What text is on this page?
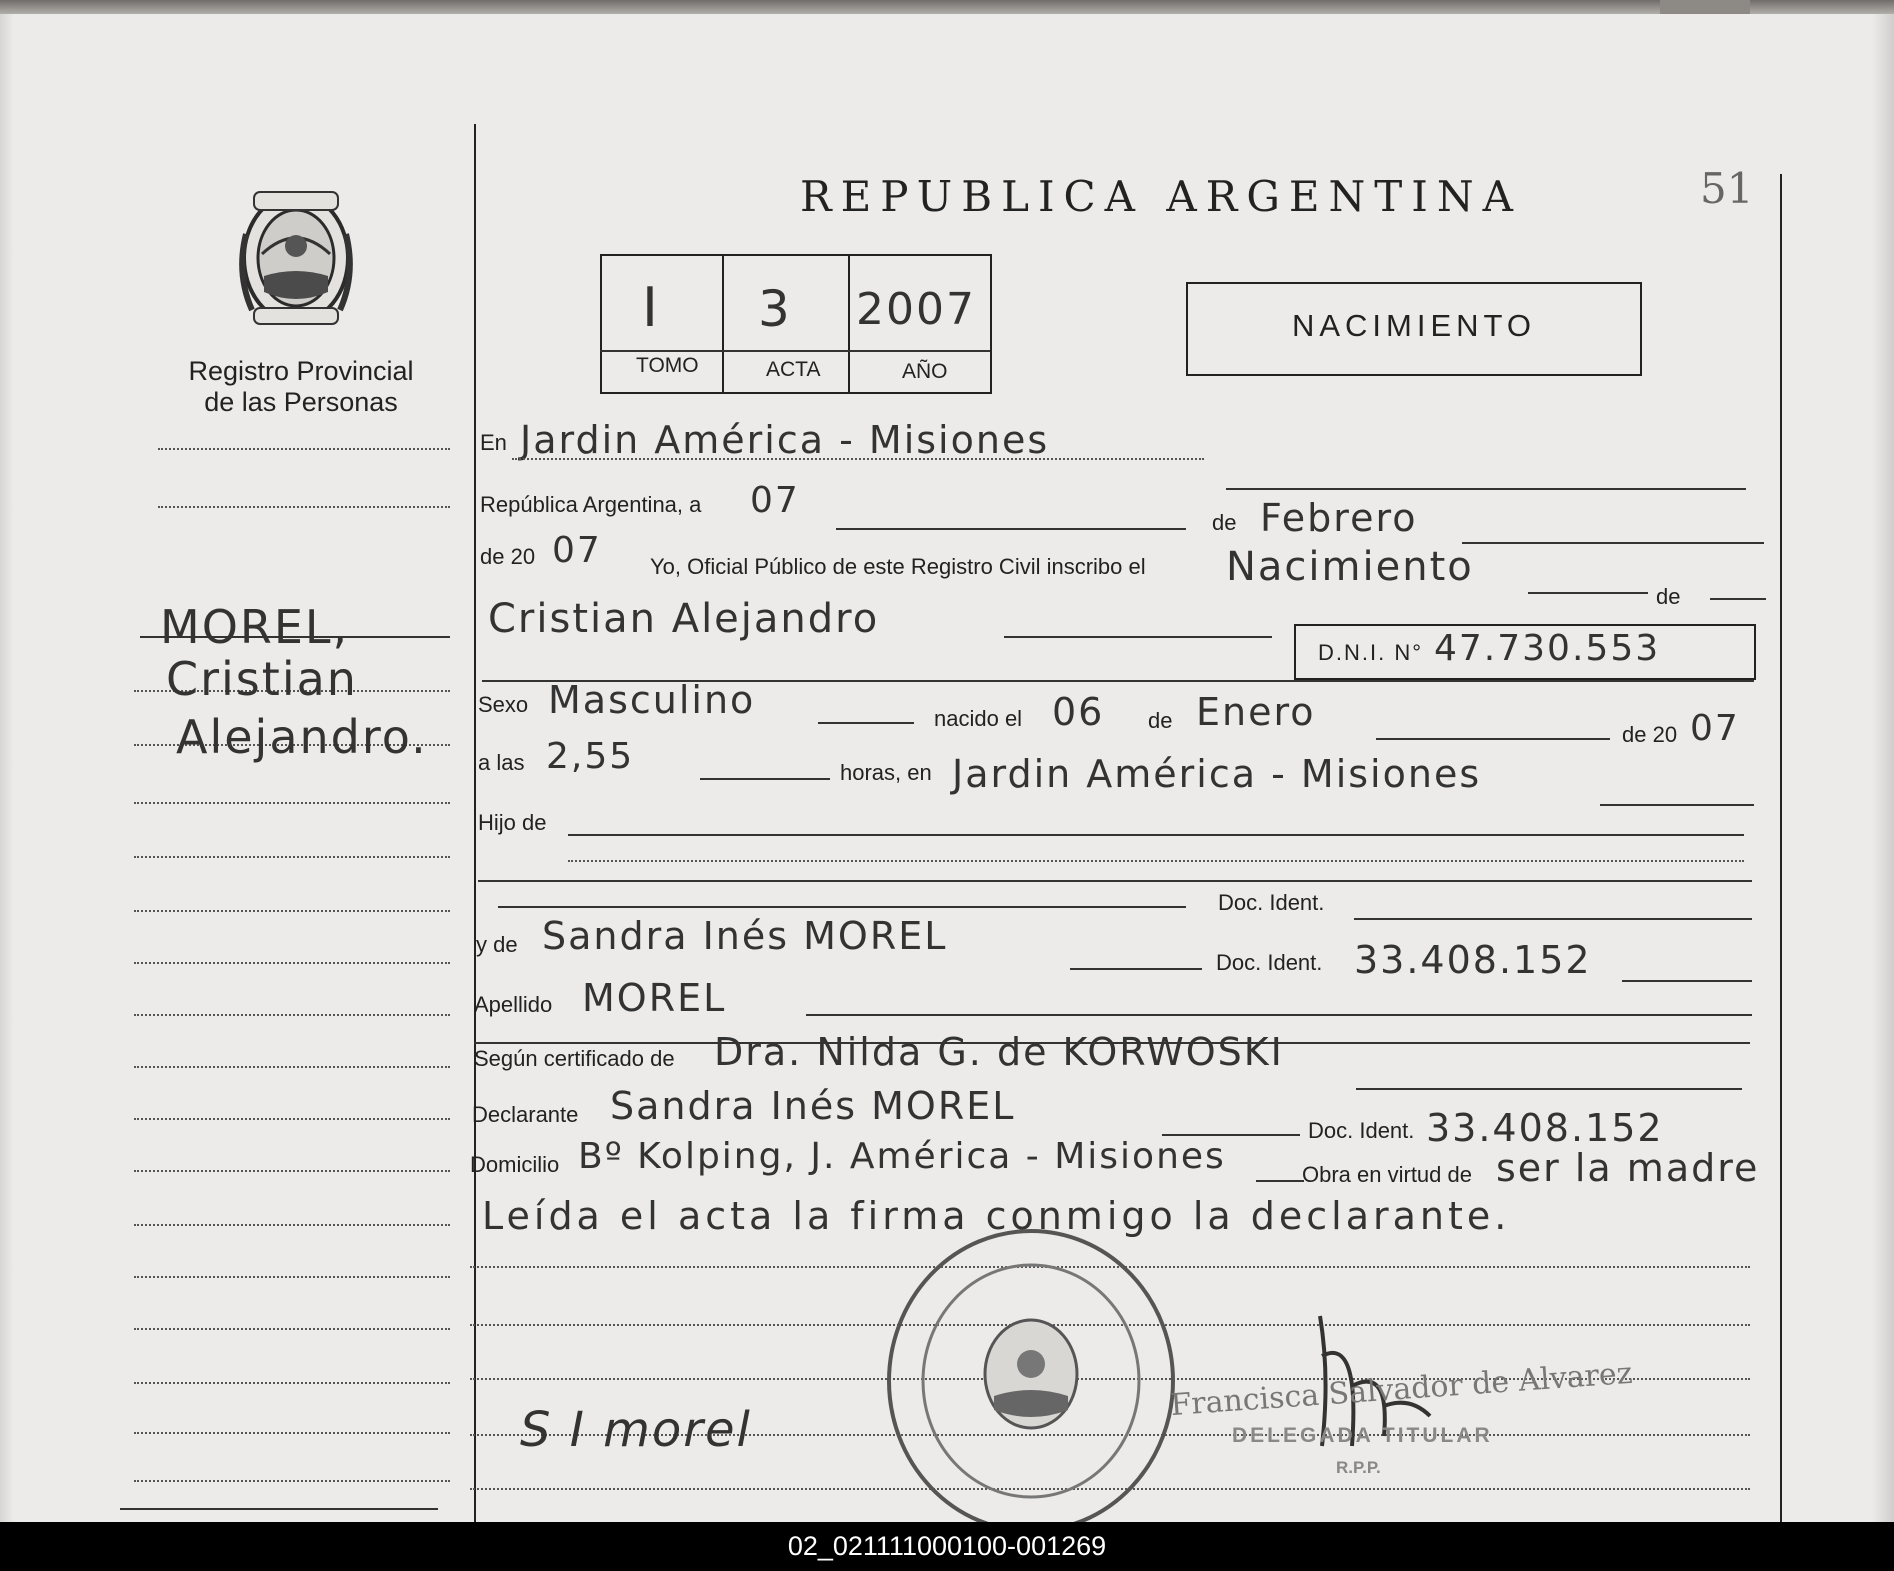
Registro Provincial
de las Personas
MOREL,
Cristian
Alejandro.
51
REPUBLICA ARGENTINA
I 3 2007
TOMO	ACTA	AÑO
NACIMIENTO
En Jardin América - Misiones
República Argentina, a 07
de Febrero
de 20 07 Yo, Oficial Público de este Registro Civil inscribo el Nacimiento
de
Cristian Alejandro
D.N.I. N° 47.730.553
Sexo Masculino	nacido el 06 de Enero
de 20 07
a las 2,55	horas, en Jardin América - Misiones
Hijo de
Doc. Ident.
y de Sandra Inés MOREL
Doc. Ident. 33.408.152
Apellido MOREL
Según certificado de Dra. Nilda G. de KORWOSKI
Declarante Sandra Inés MOREL
Doc. Ident. 33.408.152
Domicilio Bº Kolping, J. América - Misiones	Obra en virtud de ser la madre
Leída el acta la firma conmigo la declarante.
Francisca Salvador de Alvarez
DELEGADA TITULAR
R.P.P.
S I morel
02_021111000100-001269
